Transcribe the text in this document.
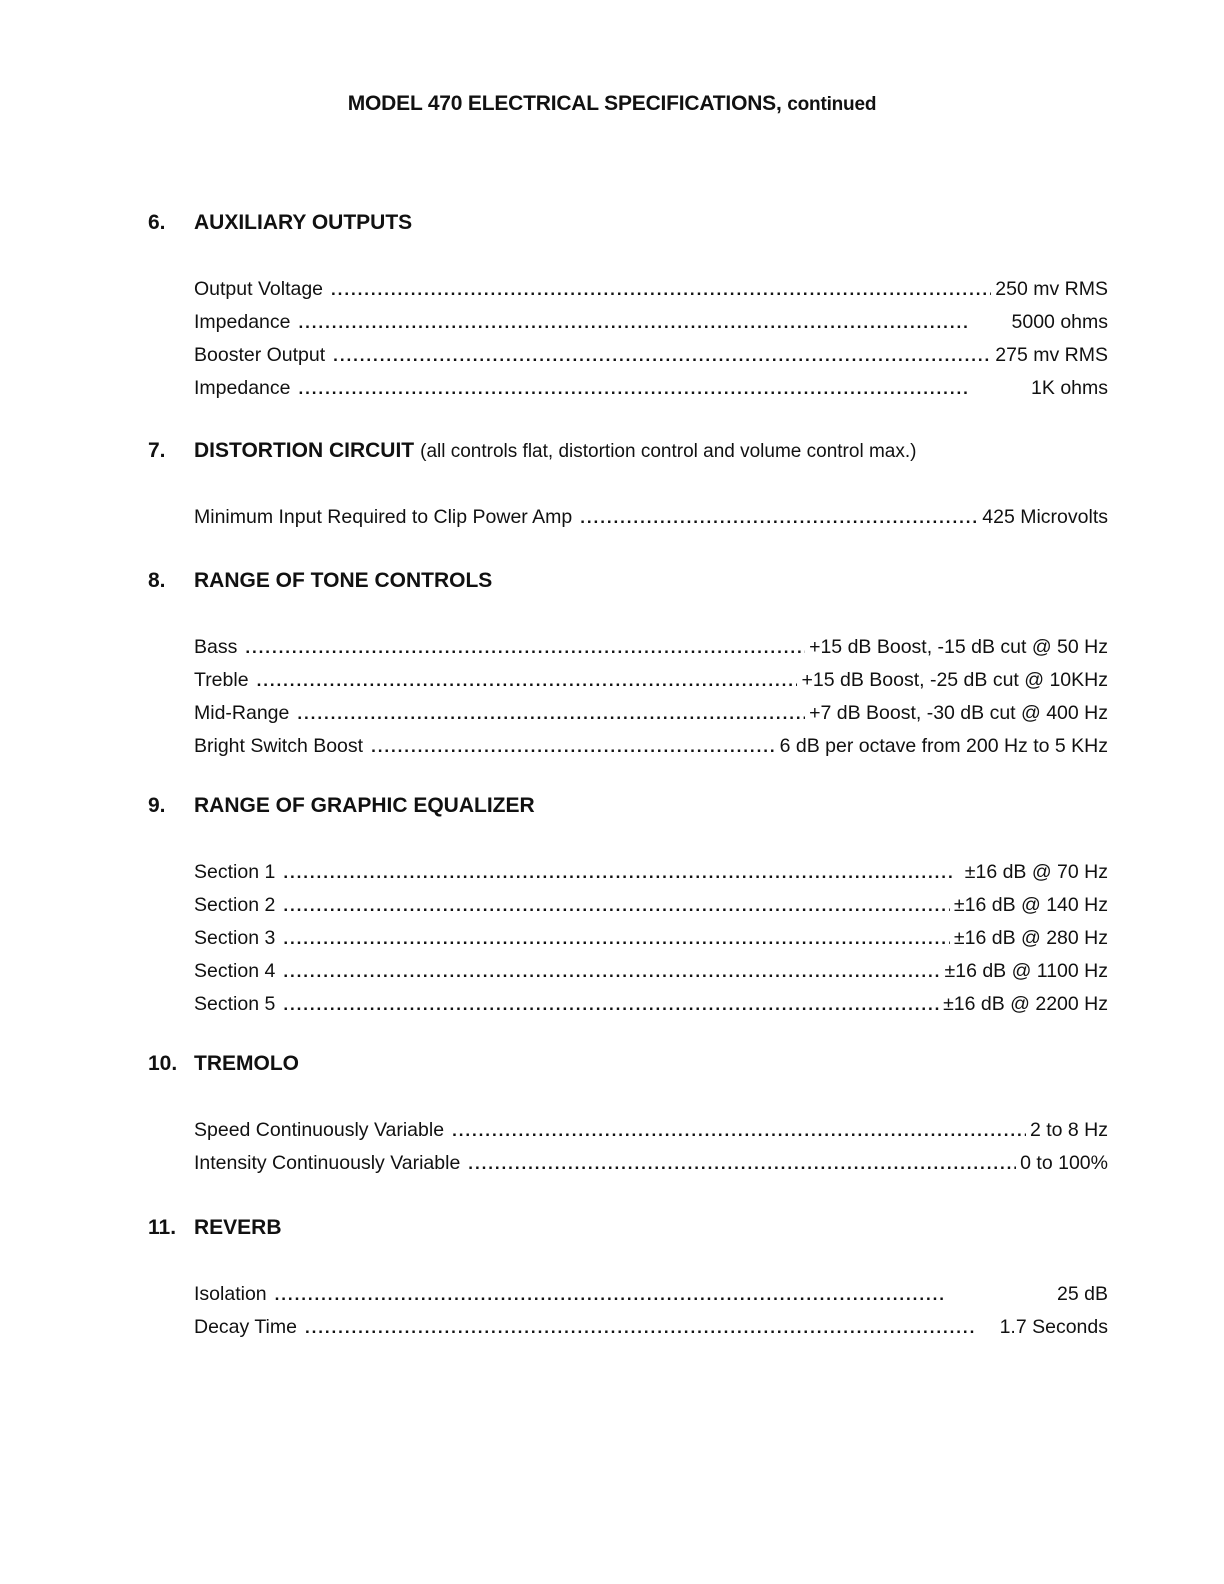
MODEL 470 ELECTRICAL SPECIFICATIONS, continued
6.	AUXILIARY OUTPUTS
Output Voltage . . .	250 mv RMS
Impedance . . .	5000 ohms
Booster Output . . .	275 mv RMS
Impedance . . .	1K ohms
7.	DISTORTION CIRCUIT (all controls flat, distortion control and volume control max.)
Minimum Input Required to Clip Power Amp . . .	425 Microvolts
8.	RANGE OF TONE CONTROLS
Bass . . .	+15 dB Boost, -15 dB cut @ 50 Hz
Treble . . .	+15 dB Boost, -25 dB cut @ 10KHz
Mid-Range . . .	+7 dB Boost, -30 dB cut @ 400 Hz
Bright Switch Boost . . .	6 dB per octave from 200 Hz to 5 KHz
9.	RANGE OF GRAPHIC EQUALIZER
Section 1 . . .	±16 dB @ 70 Hz
Section 2 . . .	±16 dB @ 140 Hz
Section 3 . . .	±16 dB @ 280 Hz
Section 4 . . .	±16 dB @ 1100 Hz
Section 5 . . .	±16 dB @ 2200 Hz
10. TREMOLO
Speed Continuously Variable . . .	2 to 8 Hz
Intensity Continuously Variable . . .	0 to 100%
11. REVERB
Isolation . . .	25 dB
Decay Time . . .	1.7 Seconds
